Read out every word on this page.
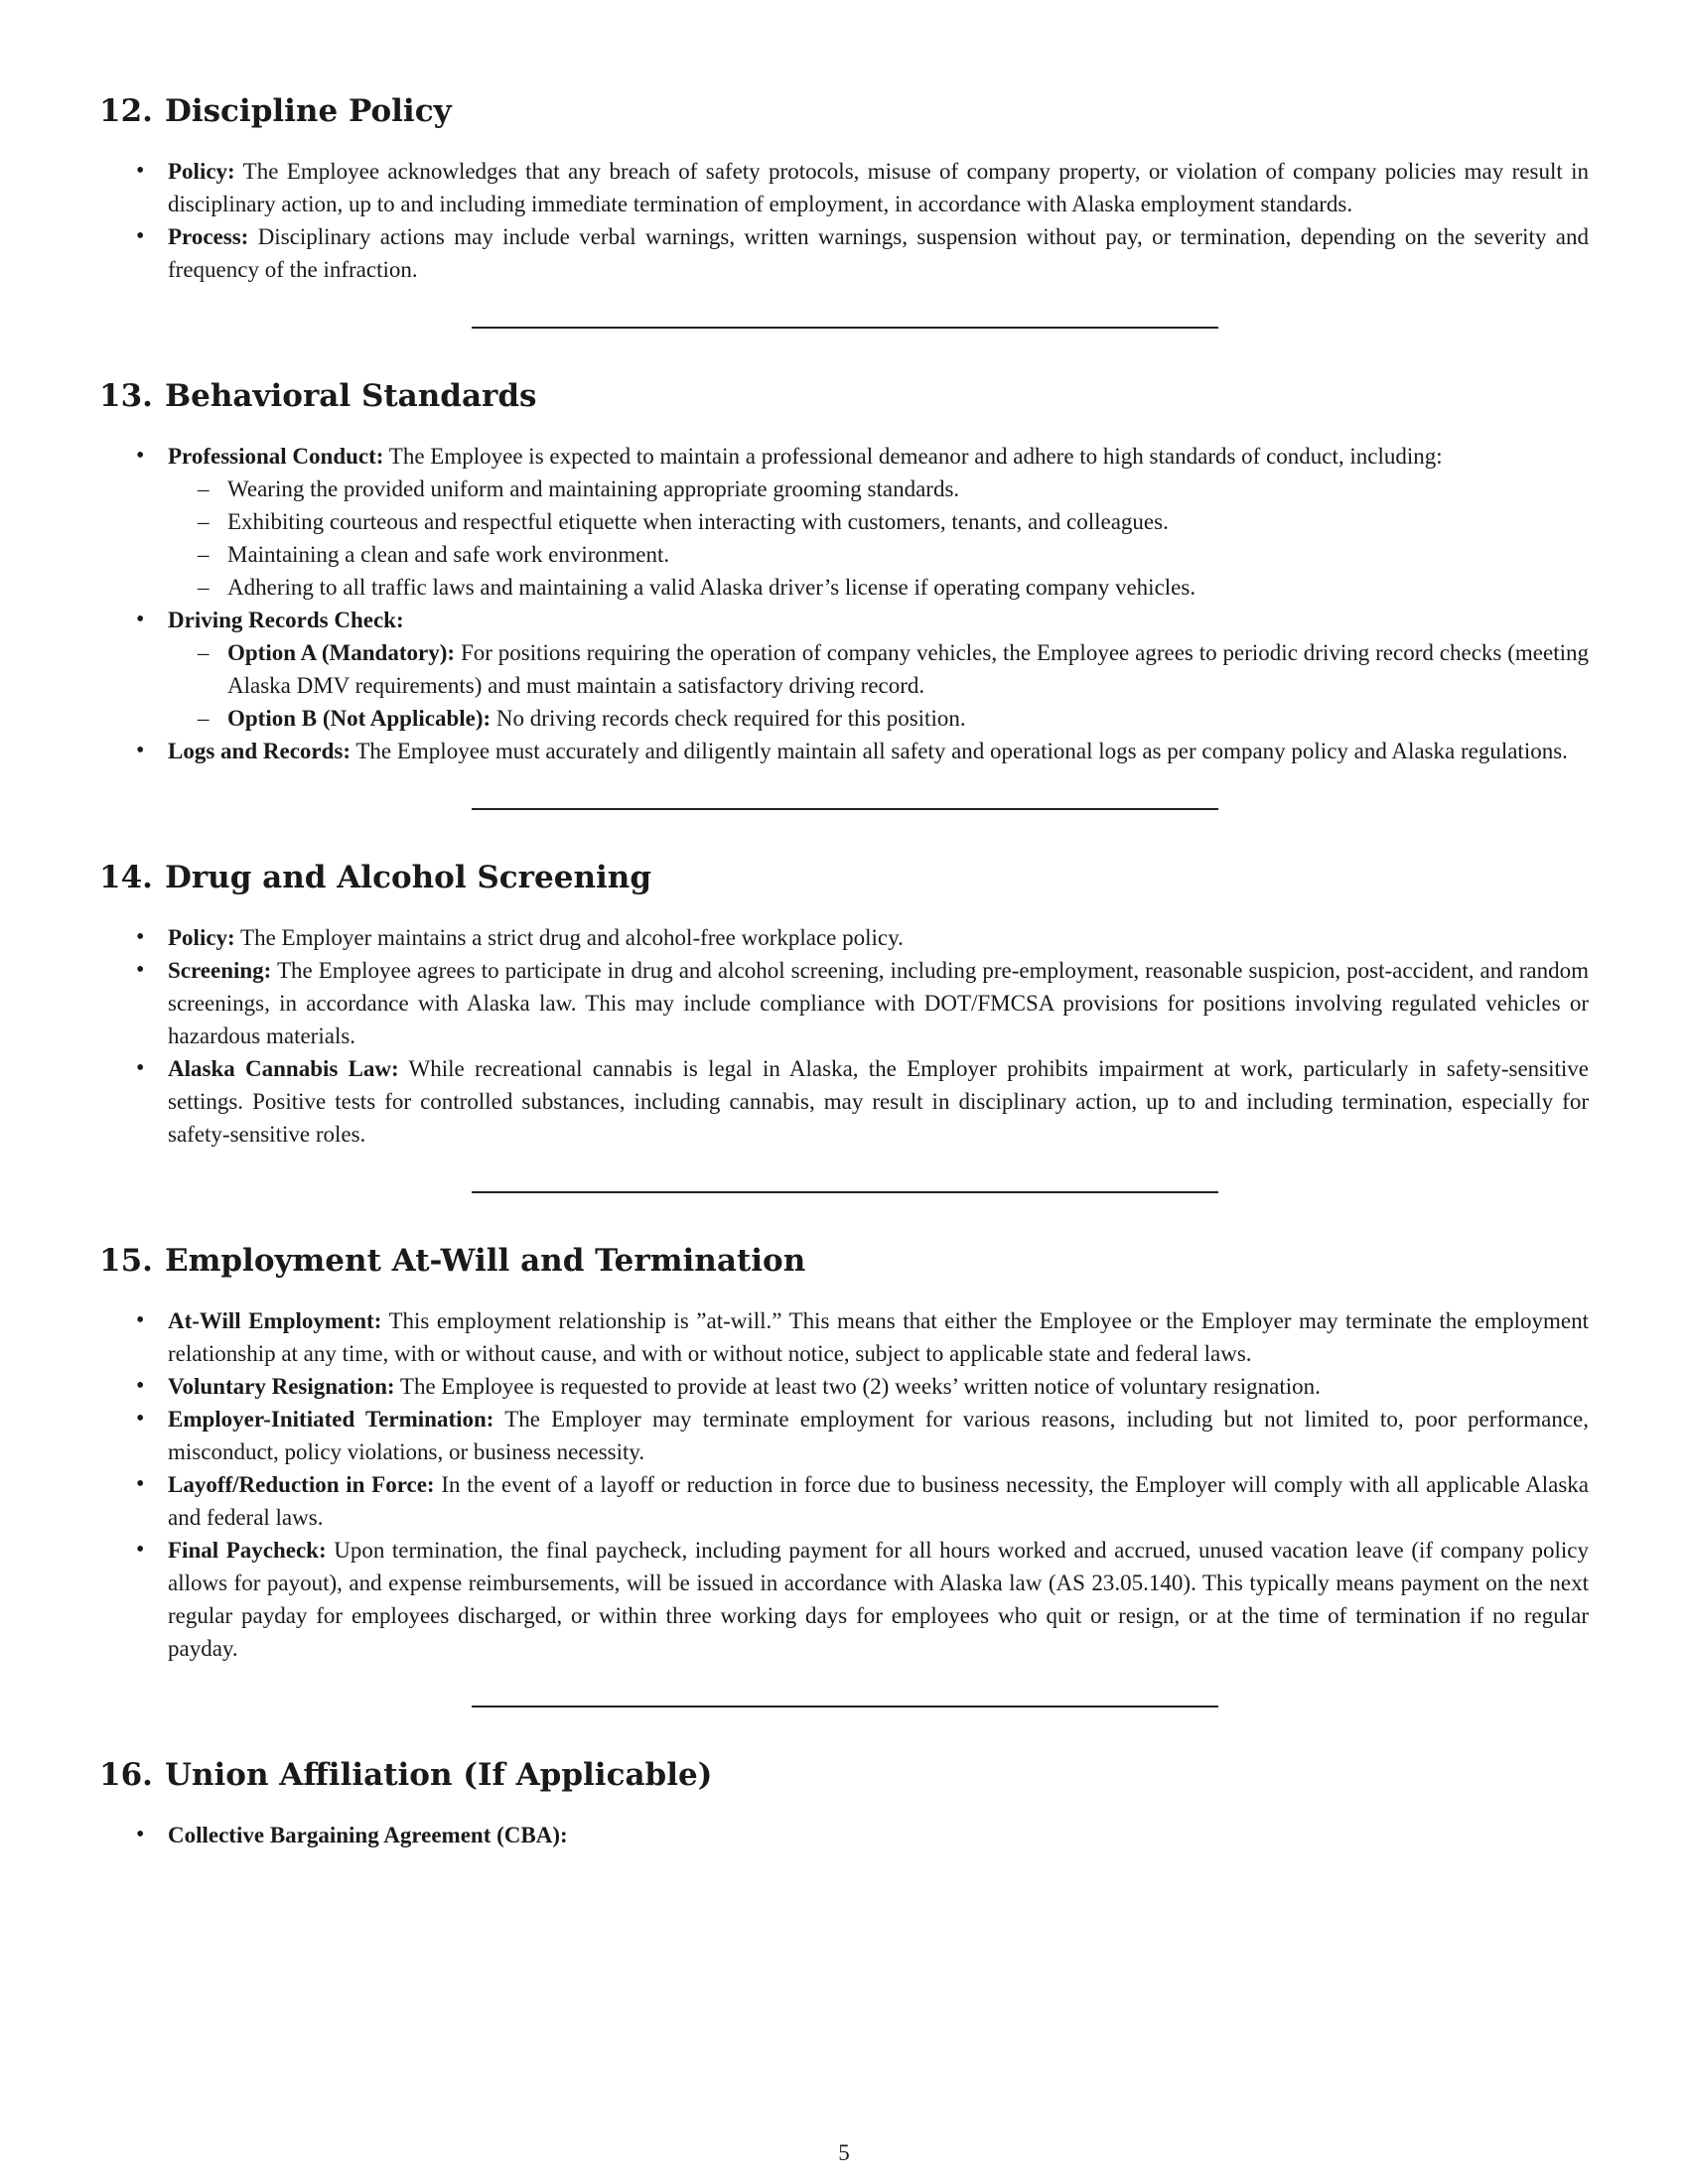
12. Discipline Policy
• Policy: The Employee acknowledges that any breach of safety protocols, misuse of company property, or violation of company policies may result in disciplinary action, up to and including immediate termination of employment, in accordance with Alaska employment standards.
• Process: Disciplinary actions may include verbal warnings, written warnings, suspension without pay, or termination, depending on the severity and frequency of the infraction.
13. Behavioral Standards
• Professional Conduct: The Employee is expected to maintain a professional demeanor and adhere to high standards of conduct, including:
– Wearing the provided uniform and maintaining appropriate grooming standards.
– Exhibiting courteous and respectful etiquette when interacting with customers, tenants, and colleagues.
– Maintaining a clean and safe work environment.
– Adhering to all traffic laws and maintaining a valid Alaska driver’s license if operating company vehicles.
• Driving Records Check:
– Option A (Mandatory): For positions requiring the operation of company vehicles, the Employee agrees to periodic driving record checks (meeting Alaska DMV requirements) and must maintain a satisfactory driving record.
– Option B (Not Applicable): No driving records check required for this position.
• Logs and Records: The Employee must accurately and diligently maintain all safety and operational logs as per company policy and Alaska regulations.
14. Drug and Alcohol Screening
• Policy: The Employer maintains a strict drug and alcohol-free workplace policy.
• Screening: The Employee agrees to participate in drug and alcohol screening, including pre-employment, reasonable suspicion, post-accident, and random screenings, in accordance with Alaska law. This may include compliance with DOT/FMCSA provisions for positions involving regulated vehicles or hazardous materials.
• Alaska Cannabis Law: While recreational cannabis is legal in Alaska, the Employer prohibits impairment at work, particularly in safety-sensitive settings. Positive tests for controlled substances, including cannabis, may result in disciplinary action, up to and including termination, especially for safety-sensitive roles.
15. Employment At-Will and Termination
• At-Will Employment: This employment relationship is ”at-will.” This means that either the Employee or the Employer may terminate the employment relationship at any time, with or without cause, and with or without notice, subject to applicable state and federal laws.
• Voluntary Resignation: The Employee is requested to provide at least two (2) weeks’ written notice of voluntary resignation.
• Employer-Initiated Termination: The Employer may terminate employment for various reasons, including but not limited to, poor performance, misconduct, policy violations, or business necessity.
• Layoff/Reduction in Force: In the event of a layoff or reduction in force due to business necessity, the Employer will comply with all applicable Alaska and federal laws.
• Final Paycheck: Upon termination, the final paycheck, including payment for all hours worked and accrued, unused vacation leave (if company policy allows for payout), and expense reimbursements, will be issued in accordance with Alaska law (AS 23.05.140). This typically means payment on the next regular payday for employees discharged, or within three working days for employees who quit or resign, or at the time of termination if no regular payday.
16. Union Affiliation (If Applicable)
• Collective Bargaining Agreement (CBA):
5
